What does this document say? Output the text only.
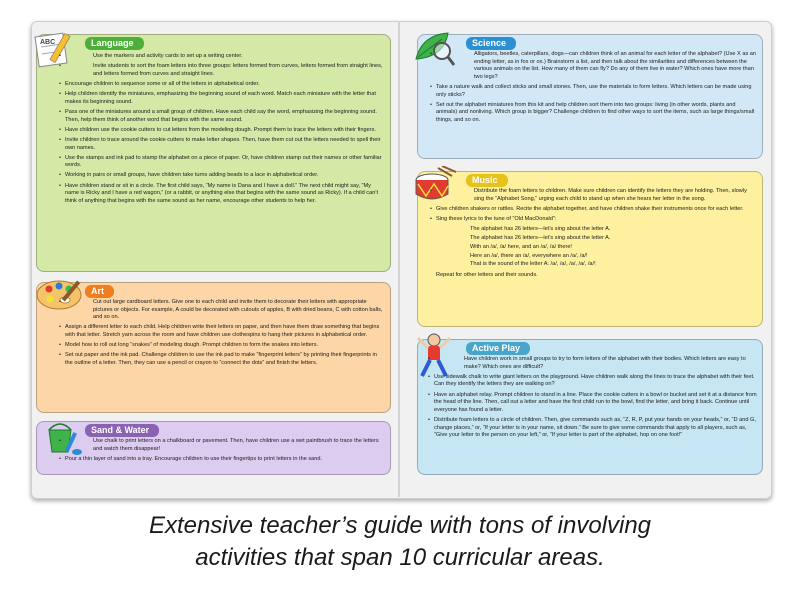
ABC	Language
• Use the markers and activity cards to set up a writing center.
• Invite students to sort the foam letters into three groups: letters formed from curves, letters formed from straight lines, and letters formed from curves and straight lines.
• Encourage children to sequence some or all of the letters in alphabetical order.
• Help children identify the miniatures, emphasizing the beginning sound of each word. Match each miniature with the letter that makes its beginning sound.
• Pass one of the miniatures around a small group of children. Have each child say the word, emphasizing the beginning sound. Then, help them think of another word that begins with the same sound.
• Have children use the cookie cutters to cut letters from the modeling dough. Prompt them to trace the letters with their fingers.
• Invite children to trace around the cookie cutters to make letter shapes. Then, have them cut out the letters needed to spell their own names.
• Use the stamps and ink pad to stamp the alphabet on a piece of paper. Or, have children stamp out their names or other familiar words.
• Working in pairs or small groups, have children take turns adding beads to a lace in alphabetical order.
• Have children stand or sit in a circle. The first child says, “My name is Dana and I have a doll.” The next child might say, “My name is Ricky and I have a red wagon,” (or a rabbit, or anything else that begins with the same sound as Ricky). If a child can’t think of anything that begins with the same sound as her name, encourage other students to help her.
Art
• Cut out large cardboard letters. Give one to each child and invite them to decorate their letters with appropriate pictures or objects. For example, A could be decorated with cutouts of apples, B with dried beans, C with cotton balls, and so on.
• Assign a different letter to each child. Help children write their letters on paper, and then have them draw something that begins with that letter. Stretch yarn across the room and have children use clothespins to hang their pictures in alphabetical order.
• Model how to roll out long “snakes” of modeling dough. Prompt children to form the snakes into letters.
• Set out paper and the ink pad. Challenge children to use the ink pad to make “fingerprint letters” by printing their fingerprints in the outline of a letter. Then, they can use a pencil or crayon to “connect the dots” and finish the letters.
Sand & Water
• Use chalk to print letters on a chalkboard or pavement. Then, have children use a wet paintbrush to trace the letters and watch them disappear!
• Pour a thin layer of sand into a tray. Encourage children to use their fingertips to print letters in the sand.
Science
• Alligators, beetles, caterpillars, dogs—can children think of an animal for each letter of the alphabet? (Use X as an ending letter, as in fox or ox.) Brainstorm a list, and then talk about the similarities and differences between the various animals on the list. How many of them can fly? Do any of them live in water? Which ones have more than two legs?
• Take a nature walk and collect sticks and small stones. Then, use the materials to form letters. Which letters can be made using only sticks?
• Set out the alphabet miniatures from this kit and help children sort them into two groups: living (in other words, plants and animals) and nonliving. Which group is bigger? Challenge children to find other ways to sort the items, such as large things/small things, and so on.
Music
• Distribute the foam letters to children. Make sure children can identify the letters they are holding. Then, slowly sing the “Alphabet Song,” urging each child to stand up when she hears her letter in the song.
• Give children shakers or rattles. Recite the alphabet together, and have children shake their instruments once for each letter.
• Sing these lyrics to the tune of “Old MacDonald”:
The alphabet has 26 letters—let’s sing about the letter A.
The alphabet has 26 letters—let’s sing about the letter A.
With an /a/, /a/ here, and an /a/, /a/ there!
Here an /a/, there an /a/, everywhere an /a/, /a/!
That is the sound of the letter A: /a/, /a/, /a/, /a/, /a/!
Repeat for other letters and their sounds.
Active Play
• Have children work in small groups to try to form letters of the alphabet with their bodies. Which letters are easy to make? Which ones are difficult?
• Use sidewalk chalk to write giant letters on the playground. Have children walk along the lines to trace the alphabet with their feet. Can they identify the letters they are walking on?
• Have an alphabet relay. Prompt children to stand in a line. Place the cookie cutters in a bowl or bucket and set it at a distance from the head of the line. Then, call out a letter and have the first child run to the bowl, find the letter, and bring it back. Continue until everyone has found a letter.
• Distribute foam letters to a circle of children. Then, give commands such as, “Z, R, P, put your hands on your heads,” or, “D and G, change places,” or, “If your letter is in your name, sit down.” Be sure to give some commands that apply to all players, such as, “Give your letter to the person on your left,” or, “If your letter is part of the alphabet, hop on one foot!”
Extensive teacher’s guide with tons of involving
activities that span 10 curricular areas.
